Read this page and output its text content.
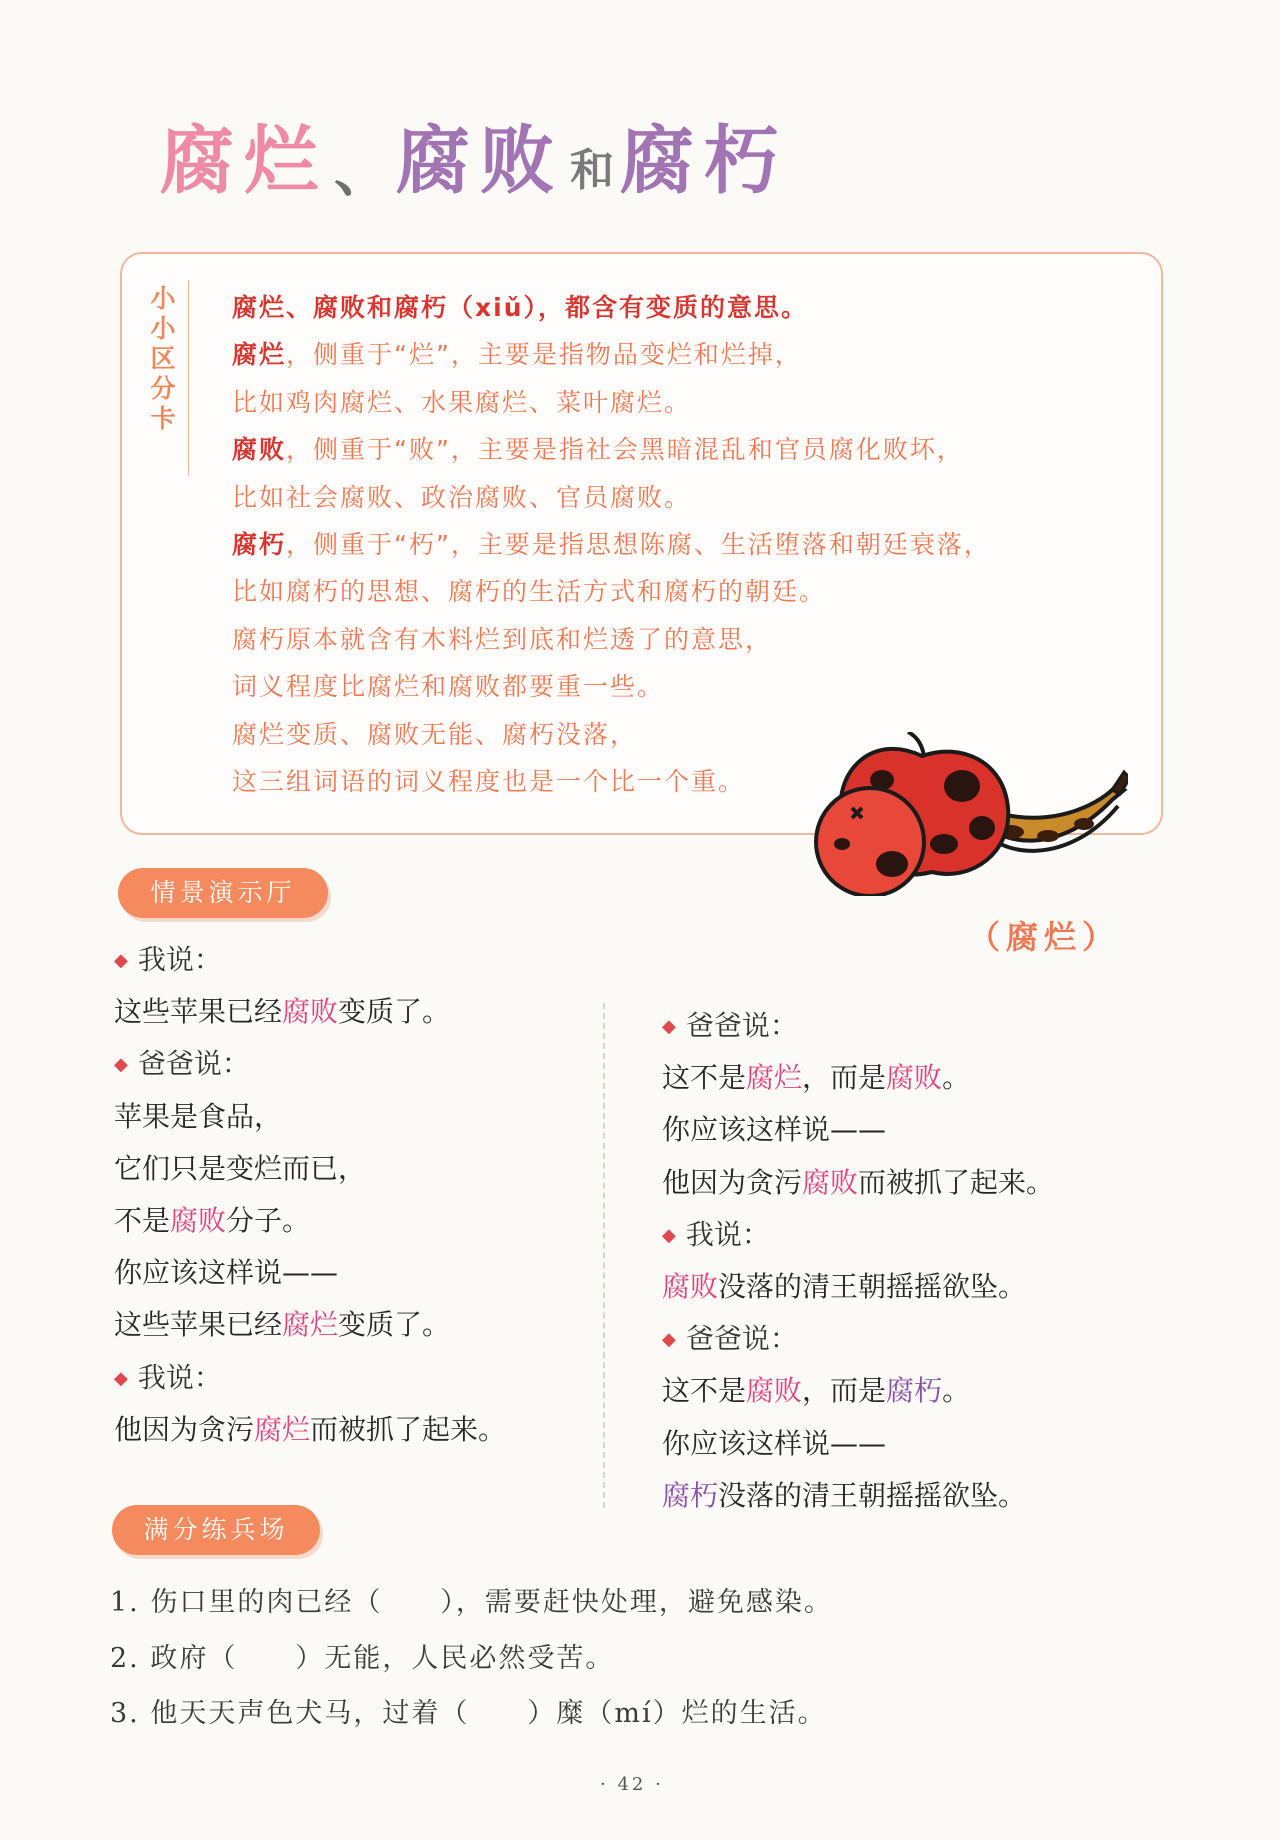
腐烂 、 腐败 和 腐朽
小
小
区
分
卡
腐烂、腐败和腐朽（xiǔ），都含有变质的意思。
腐烂，侧重于“烂”，主要是指物品变烂和烂掉，
比如鸡肉腐烂、水果腐烂、菜叶腐烂。
腐败，侧重于“败”，主要是指社会黑暗混乱和官员腐化败坏，
比如社会腐败、政治腐败、官员腐败。
腐朽，侧重于“朽”，主要是指思想陈腐、生活堕落和朝廷衰落，
比如腐朽的思想、腐朽的生活方式和腐朽的朝廷。
腐朽原本就含有木料烂到底和烂透了的意思，
词义程度比腐烂和腐败都要重一些。
腐烂变质、腐败无能、腐朽没落，
这三组词语的词义程度也是一个比一个重。
（腐烂）
情景演示厅
◆ 我说：
这些苹果已经腐败变质了。
◆ 爸爸说：
苹果是食品，
它们只是变烂而已，
不是腐败分子。
你应该这样说——
这些苹果已经腐烂变质了。
◆ 我说：
他因为贪污腐烂而被抓了起来。
◆ 爸爸说：
这不是腐烂，而是腐败。
你应该这样说——
他因为贪污腐败而被抓了起来。
◆ 我说：
腐败没落的清王朝摇摇欲坠。
◆ 爸爸说：
这不是腐败，而是腐朽。
你应该这样说——
腐朽没落的清王朝摇摇欲坠。
满分练兵场
1. 伤口里的肉已经（　　），需要赶快处理，避免感染。
2. 政府（　　）无能，人民必然受苦。
3. 他天天声色犬马，过着（　　）糜（mí）烂的生活。
· 42 ·
